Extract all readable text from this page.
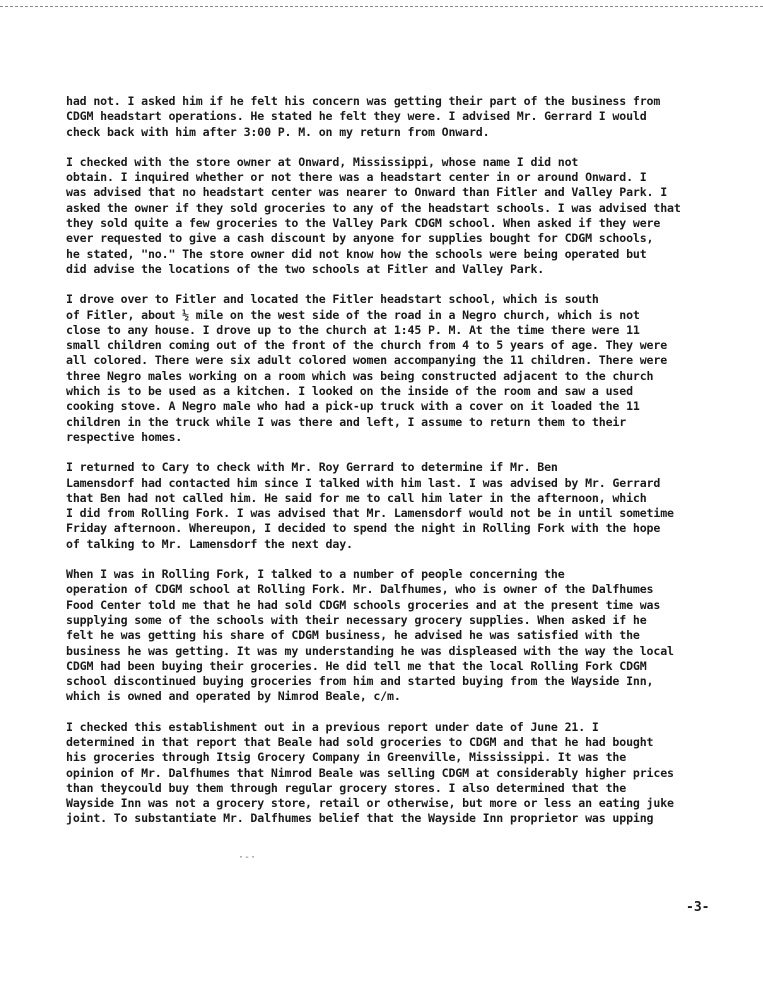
had not. I asked him if he felt his concern was getting their part of the business from
CDGM headstart operations. He stated he felt they were. I advised Mr. Gerrard I would
check back with him after 3:00 P. M. on my return from Onward.

I checked with the store owner at Onward, Mississippi, whose name I did not
obtain. I inquired whether or not there was a headstart center in or around Onward. I
was advised that no headstart center was nearer to Onward than Fitler and Valley Park. I
asked the owner if they sold groceries to any of the headstart schools. I was advised that
they sold quite a few groceries to the Valley Park CDGM school. When asked if they were
ever requested to give a cash discount by anyone for supplies bought for CDGM schools,
he stated, "no." The store owner did not know how the schools were being operated but
did advise the locations of the two schools at Fitler and Valley Park.

I drove over to Fitler and located the Fitler headstart school, which is south
of Fitler, about ½ mile on the west side of the road in a Negro church, which is not
close to any house. I drove up to the church at 1:45 P. M. At the time there were 11
small children coming out of the front of the church from 4 to 5 years of age. They were
all colored. There were six adult colored women accompanying the 11 children. There were
three Negro males working on a room which was being constructed adjacent to the church
which is to be used as a kitchen. I looked on the inside of the room and saw a used
cooking stove. A Negro male who had a pick-up truck with a cover on it loaded the 11
children in the truck while I was there and left, I assume to return them to their
respective homes.

I returned to Cary to check with Mr. Roy Gerrard to determine if Mr. Ben
Lamensdorf had contacted him since I talked with him last. I was advised by Mr. Gerrard
that Ben had not called him. He said for me to call him later in the afternoon, which
I did from Rolling Fork. I was advised that Mr. Lamensdorf would not be in until sometime
Friday afternoon. Whereupon, I decided to spend the night in Rolling Fork with the hope
of talking to Mr. Lamensdorf the next day.

When I was in Rolling Fork, I talked to a number of people concerning the
operation of CDGM school at Rolling Fork. Mr. Dalfhumes, who is owner of the Dalfhumes
Food Center told me that he had sold CDGM schools groceries and at the present time was
supplying some of the schools with their necessary grocery supplies. When asked if he
felt he was getting his share of CDGM business, he advised he was satisfied with the
business he was getting. It was my understanding he was displeased with the way the local
CDGM had been buying their groceries. He did tell me that the local Rolling Fork CDGM
school discontinued buying groceries from him and started buying from the Wayside Inn,
which is owned and operated by Nimrod Beale, c/m.

I checked this establishment out in a previous report under date of June 21. I
determined in that report that Beale had sold groceries to CDGM and that he had bought
his groceries through Itsig Grocery Company in Greenville, Mississippi. It was the
opinion of Mr. Dalfhumes that Nimrod Beale was selling CDGM at considerably higher prices
than theycould buy them through regular grocery stores. I also determined that the
Wayside Inn was not a grocery store, retail or otherwise, but more or less an eating juke
joint. To substantiate Mr. Dalfhumes belief that the Wayside Inn proprietor was upping

·‑·
-3-
